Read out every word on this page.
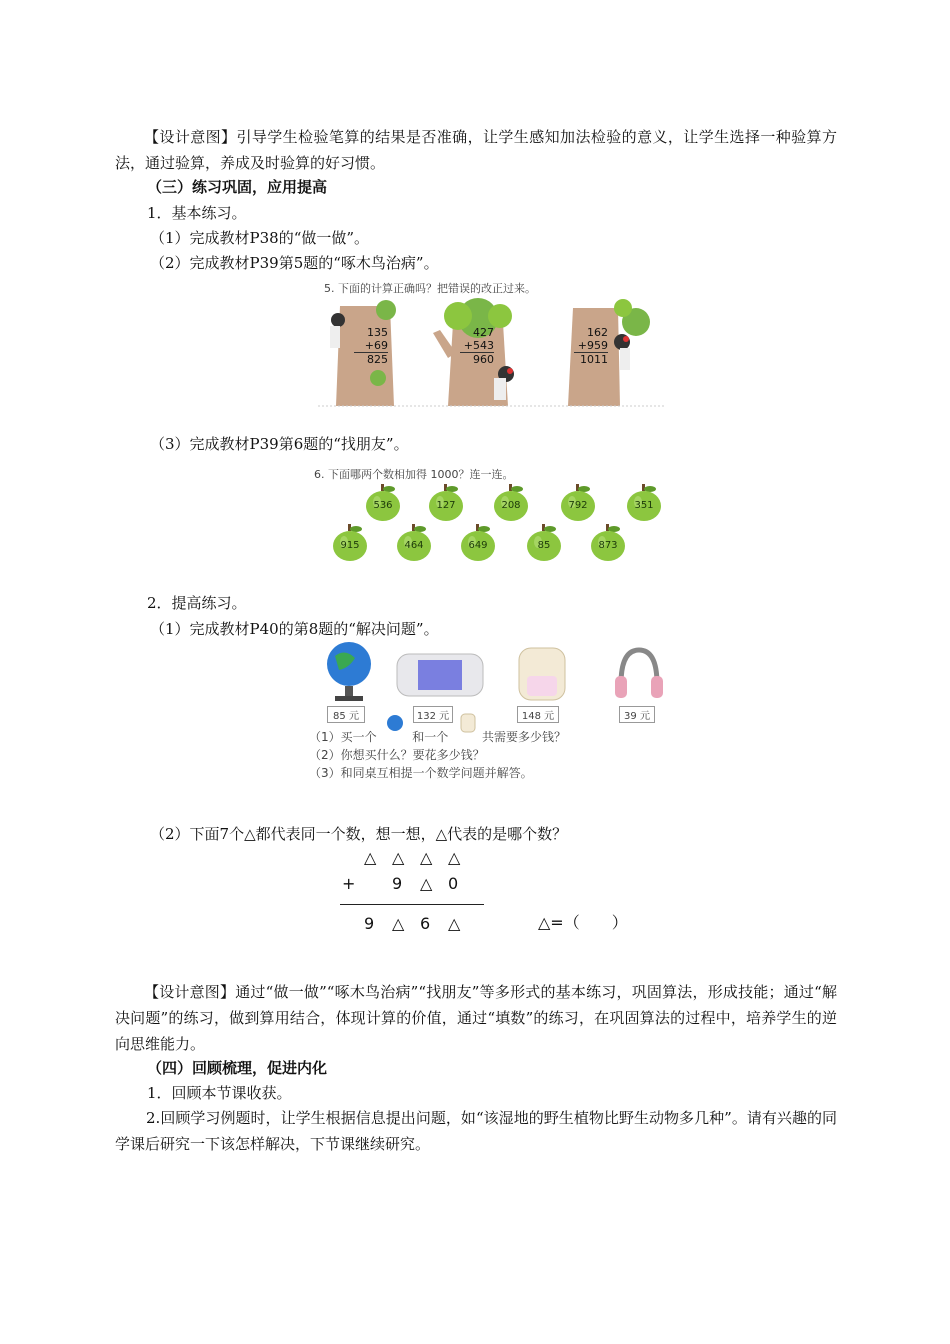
【设计意图】引导学生检验笔算的结果是否准确，让学生感知加法检验的意义，让学生选择一种验算方法，通过验算，养成及时验算的好习惯。
（三）练习巩固，应用提高
1．基本练习。
（1）完成教材P38的“做一做”。
（2）完成教材P39第5题的“啄木鸟治病”。
5. 下面的计算正确吗？把错误的改正过来。
135
+69
825
427
+543
960
162
+959
1011
（3）完成教材P39第6题的“找朋友”。
6. 下面哪两个数相加得 1000？连一连。
536	127	208	792	351
915	464	649	85	873
2．提高练习。
（1）完成教材P40的第8题的“解决问题”。
85 元	132 元	148 元	39 元
（1）买一个	和一个	共需要多少钱？
（2）你想买什么？要花多少钱？
（3）和同桌互相提一个数学问题并解答。
（2）下面7个△都代表同一个数，想一想，△代表的是哪个数？
△ △ △ △
+ 9 △ 0
9 △ 6 △	△=（　　）
【设计意图】通过“做一做”“啄木鸟治病”“找朋友”等多形式的基本练习，巩固算法，形成技能；通过“解决问题”的练习，做到算用结合，体现计算的价值，通过“填数”的练习，在巩固算法的过程中，培养学生的逆向思维能力。
（四）回顾梳理，促进内化
1．回顾本节课收获。
2.回顾学习例题时，让学生根据信息提出问题，如“该湿地的野生植物比野生动物多几种”。请有兴趣的同学课后研究一下该怎样解决，下节课继续研究。
